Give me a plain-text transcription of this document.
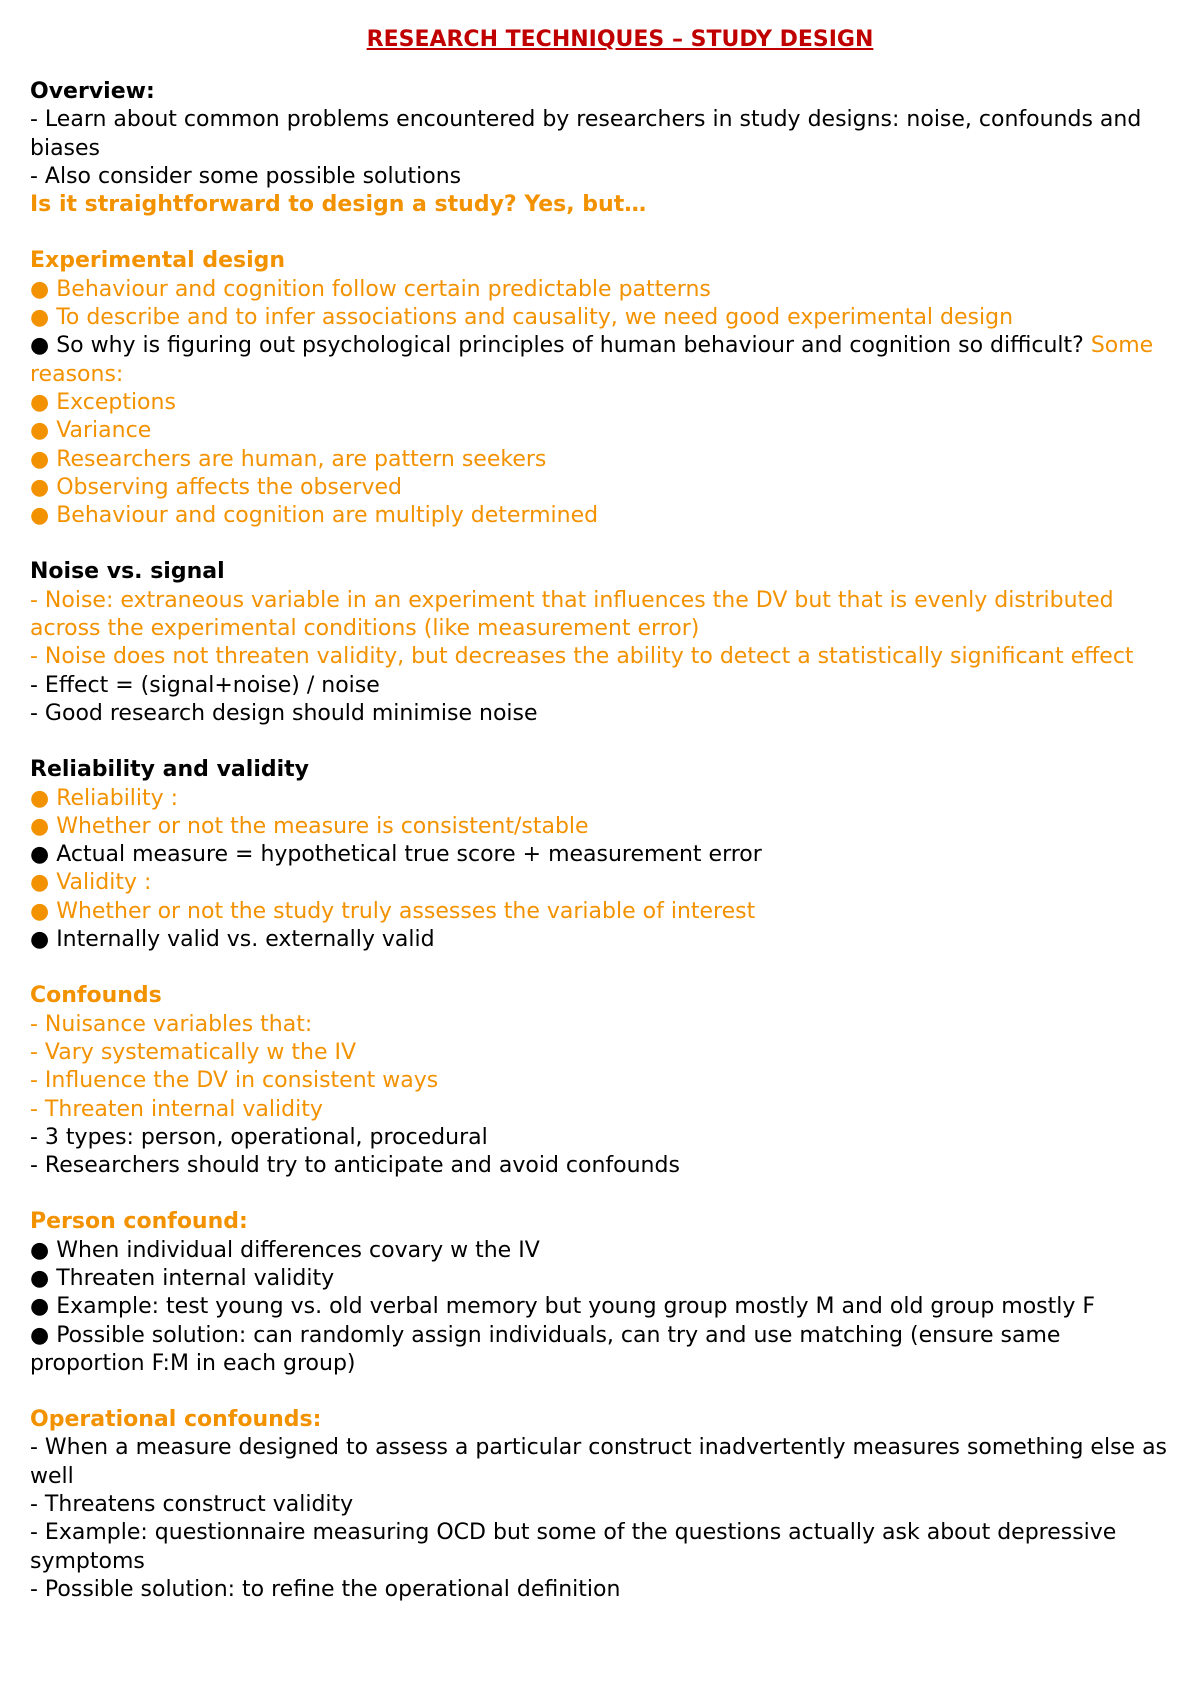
RESEARCH TECHNIQUES – STUDY DESIGN

Overview:

- Learn about common problems encountered by researchers in study designs: noise, confounds and biases

- Also consider some possible solutions

Is it straightforward to design a study? Yes, but…

Experimental design

● Behaviour and cognition follow certain predictable patterns

● To describe and to infer associations and causality, we need good experimental design

● So why is figuring out psychological principles of human behaviour and cognition so difficult? Some reasons:

● Exceptions

● Variance

● Researchers are human, are pattern seekers

● Observing affects the observed

● Behaviour and cognition are multiply determined

Noise vs. signal

- Noise: extraneous variable in an experiment that influences the DV but that is evenly distributed across the experimental conditions (like measurement error)

- Noise does not threaten validity, but decreases the ability to detect a statistically significant effect

- Effect = (signal+noise) / noise

- Good research design should minimise noise

Reliability and validity

● Reliability :

● Whether or not the measure is consistent/stable

● Actual measure = hypothetical true score + measurement error

● Validity :

● Whether or not the study truly assesses the variable of interest

● Internally valid vs. externally valid

Confounds

- Nuisance variables that:

- Vary systematically w the IV

- Influence the DV in consistent ways

- Threaten internal validity

- 3 types: person, operational, procedural

- Researchers should try to anticipate and avoid confounds

Person confound:

● When individual differences covary w the IV

● Threaten internal validity

● Example: test young vs. old verbal memory but young group mostly M and old group mostly F

● Possible solution: can randomly assign individuals, can try and use matching (ensure same proportion F:M in each group)

Operational confounds:

- When a measure designed to assess a particular construct inadvertently measures something else as well

- Threatens construct validity

- Example: questionnaire measuring OCD but some of the questions actually ask about depressive symptoms

- Possible solution: to refine the operational definition
